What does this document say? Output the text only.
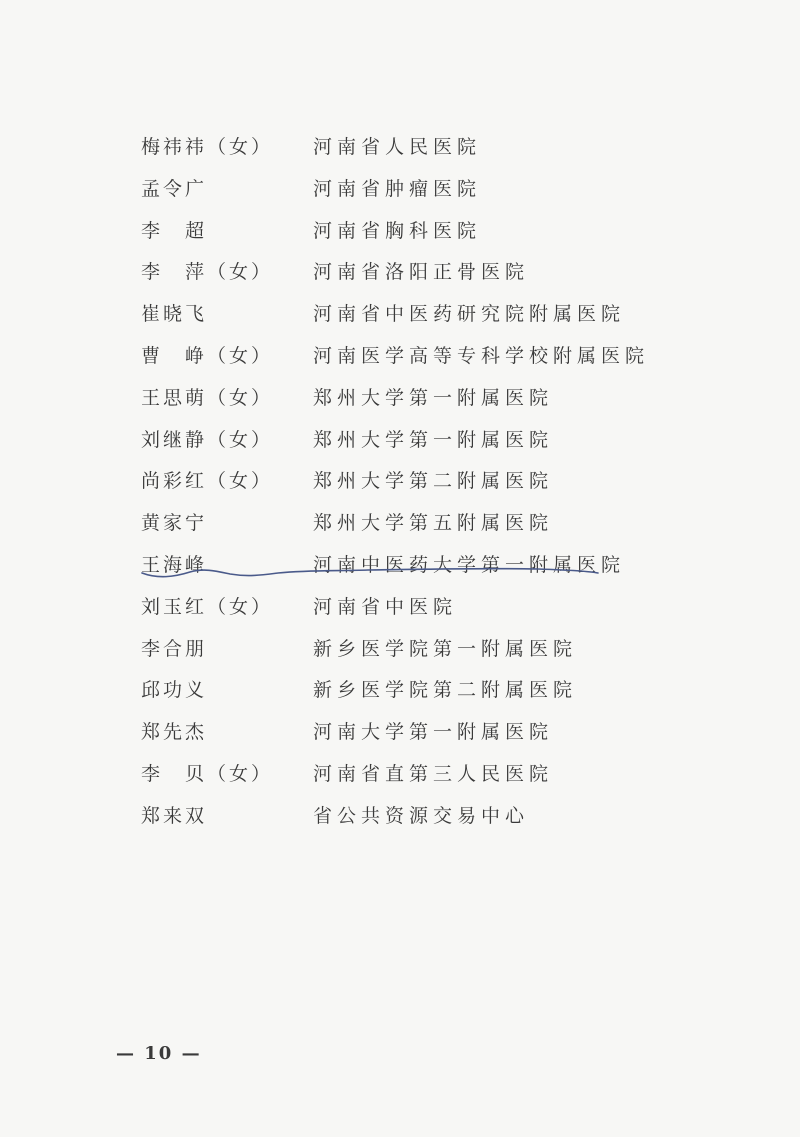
梅祎祎（女） 河南省人民医院
孟令广	河南省肿瘤医院
李　超	河南省胸科医院
李　萍（女） 河南省洛阳正骨医院
崔晓飞	河南省中医药研究院附属医院
曹　峥（女） 河南医学高等专科学校附属医院
王思萌（女） 郑州大学第一附属医院
刘继静（女） 郑州大学第一附属医院
尚彩红（女） 郑州大学第二附属医院
黄家宁	郑州大学第五附属医院
王海峰	河南中医药大学第一附属医院
刘玉红（女） 河南省中医院
李合朋	新乡医学院第一附属医院
邱功义	新乡医学院第二附属医院
郑先杰	河南大学第一附属医院
李　贝（女） 河南省直第三人民医院
郑来双	省公共资源交易中心
— 10 —
